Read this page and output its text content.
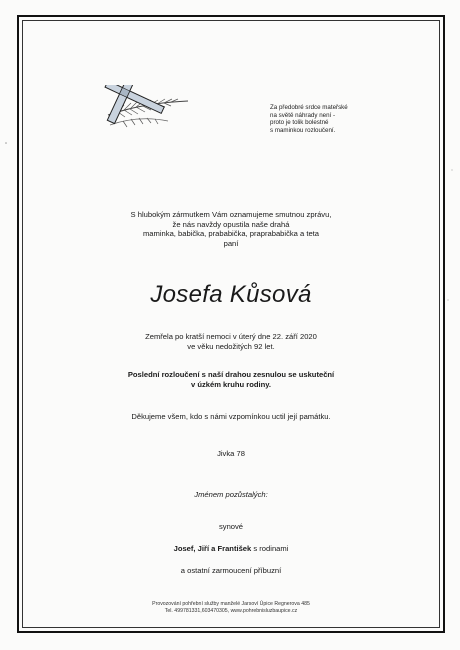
Za předobré srdce mateřské
na světě náhrady není -
proto je tolik bolestné
s maminkou rozloučení.
S hlubokým zármutkem Vám oznamujeme smutnou zprávu,
že nás navždy opustila naše drahá
maminka, babička, prababička, praprababička a teta
paní
Josefa Kůsová
Zemřela po kratší nemoci v úterý dne 22. září 2020
ve věku nedožitých 92 let.
Poslední rozloučení s naší drahou zesnulou se uskuteční
v úzkém kruhu rodiny.
Děkujeme všem, kdo s námi vzpomínkou uctil její památku.
Jivka 78
Jménem pozůstalých:
synové
Josef, Jiří a František s rodinami
a ostatní zarmoucení příbuzní
Provozování pohřební služby manželé Jarsoví Úpice Regnerova 485
Tel. 499781331,603470305, www.pohrebnisluzbaupice.cz
